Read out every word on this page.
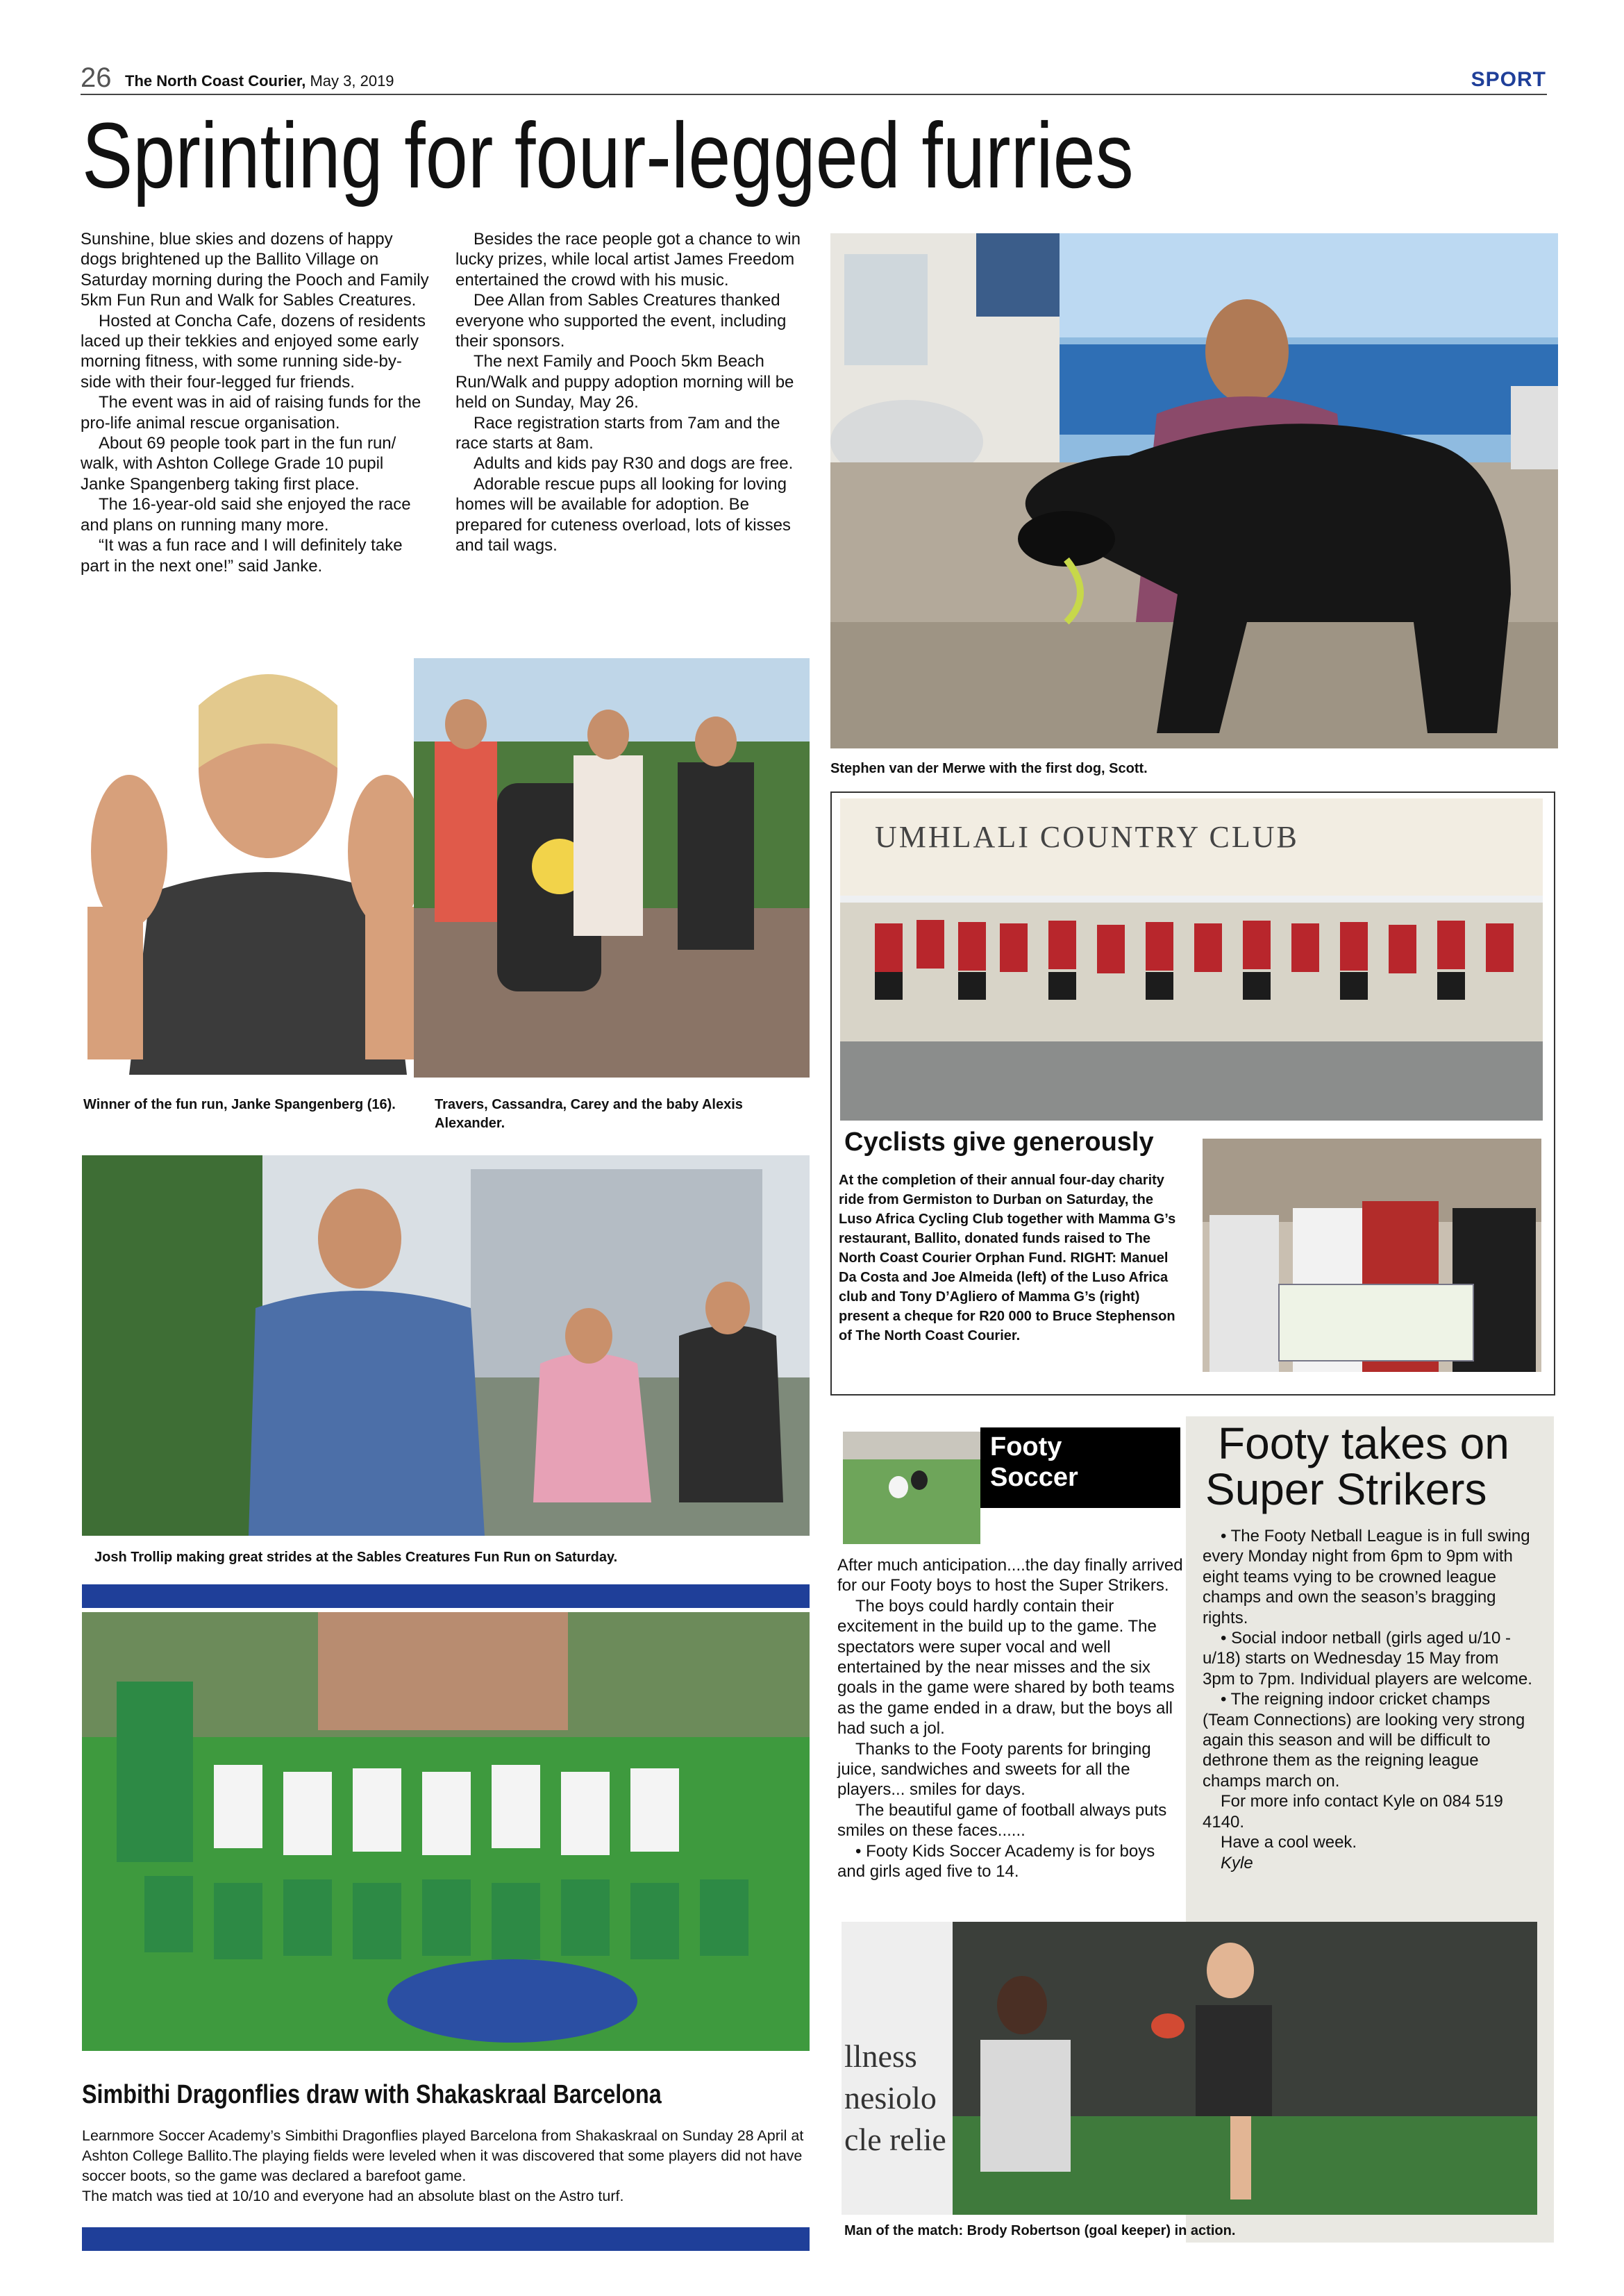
26 The North Coast Courier, May 3, 2019	SPORT
Sprinting for four-legged furries

Sunshine, blue skies and dozens of happy dogs brightened up the Ballito Village on Saturday morning during the Pooch and Family 5km Fun Run and Walk for Sables Creatures.

Hosted at Concha Cafe, dozens of residents laced up their tekkies and enjoyed some early morning fitness, with some running side-by-side with their four-legged fur friends.

The event was in aid of raising funds for the pro-life animal rescue organisation.

About 69 people took part in the fun run/ walk, with Ashton College Grade 10 pupil Janke Spangenberg taking first place.

The 16-year-old said she enjoyed the race and plans on running many more.

“It was a fun race and I will definitely take part in the next one!” said Janke.

Besides the race people got a chance to win lucky prizes, while local artist James Freedom entertained the crowd with his music.

Dee Allan from Sables Creatures thanked everyone who supported the event, including their sponsors.

The next Family and Pooch 5km Beach Run/Walk and puppy adoption morning will be held on Sunday, May 26.

Race registration starts from 7am and the race starts at 8am.

Adults and kids pay R30 and dogs are free.

Adorable rescue pups all looking for loving homes will be available for adoption. Be prepared for cuteness overload, lots of kisses and tail wags.

Stephen van der Merwe with the first dog, Scott.
Winner of the fun run, Janke Spangenberg (16).	Travers, Cassandra, Carey and the baby Alexis Alexander.
Josh Trollip making great strides at the Sables Creatures Fun Run on Saturday.
UMHLALI COUNTRY CLUB
Cyclists give generously
At the completion of their annual four-day charity ride from Germiston to Durban on Saturday, the Luso Africa Cycling Club together with Mamma G’s restaurant, Ballito, donated funds raised to The North Coast Courier Orphan Fund. RIGHT: Manuel Da Costa and Joe Almeida (left) of the Luso Africa club and Tony D’Agliero of Mamma G’s (right) present a cheque for R20 000 to Bruce Stephenson of The North Coast Courier.
Footy
Soccer

After much anticipation....the day finally arrived for our Footy boys to host the Super Strikers.

The boys could hardly contain their excitement in the build up to the game. The spectators were super vocal and well entertained by the near misses and the six goals in the game were shared by both teams as the game ended in a draw, but the boys all had such a jol.

Thanks to the Footy parents for bringing juice, sandwiches and sweets for all the players... smiles for days.

The beautiful game of football always puts smiles on these faces......

• Footy Kids Soccer Academy is for boys and girls aged five to 14.

Footy takes on
Super Strikers

• The Footy Netball League is in full swing every Monday night from 6pm to 9pm with eight teams vying to be crowned league champs and own the season’s bragging rights.

• Social indoor netball (girls aged u/10 - u/18) starts on Wednesday 15 May from 3pm to 7pm. Individual players are welcome.

• The reigning indoor cricket champs (Team Connections) are looking very strong again this season and will be difficult to dethrone them as the reigning league champs march on.

For more info contact Kyle on 084 519 4140.

Have a cool week.

Kyle

llness
nesiolo
cle relie
Man of the match: Brody Robertson (goal keeper) in action.
Simbithi Dragonflies draw with Shakaskraal Barcelona
Learnmore Soccer Academy’s Simbithi Dragonflies played Barcelona from Shakaskraal on Sunday 28 April at Ashton College Ballito.The playing fields were leveled when it was discovered that some players did not have soccer boots, so the game was declared a barefoot game.
The match was tied at 10/10 and everyone had an absolute blast on the Astro turf.
